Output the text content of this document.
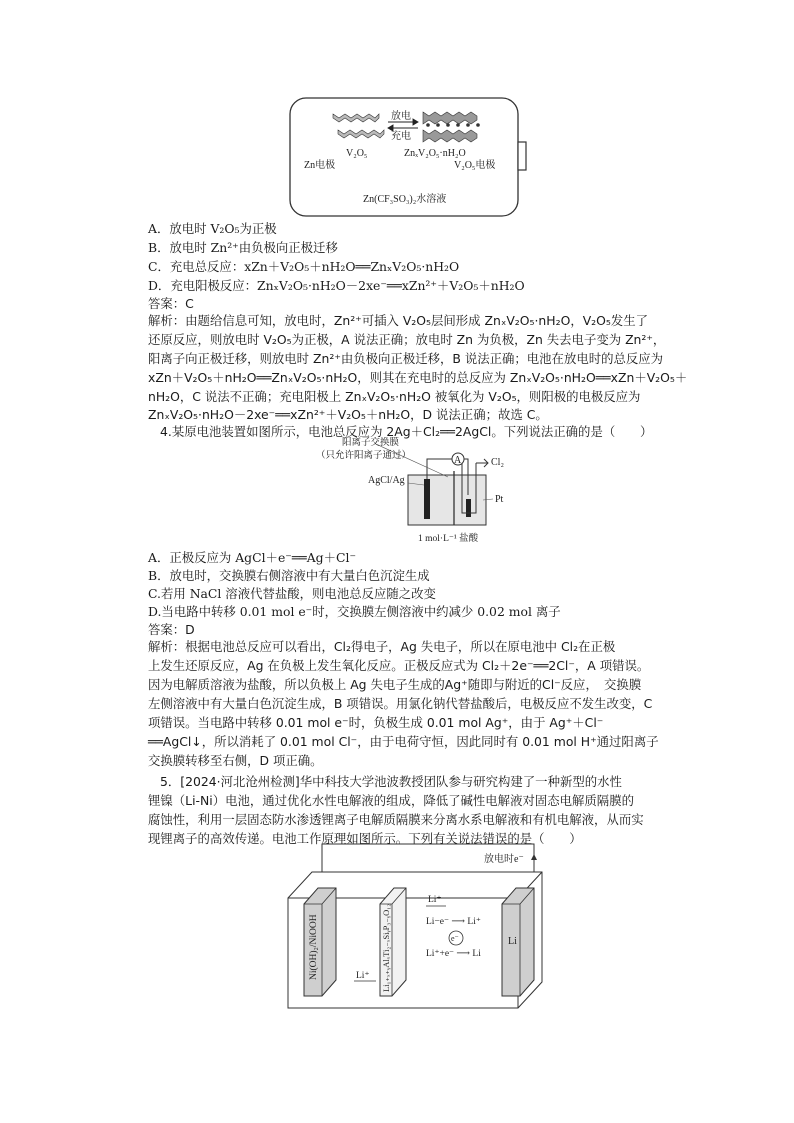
放电
充电
V₂O₅	ZnₓV₂O₅·nH₂O
Zn电极	V₂O₅电极
Zn(CF₃SO₃)₂水溶液
A．放电时 V₂O₅为正极
B．放电时 Zn²⁺由负极向正极迁移
C．充电总反应：xZn＋V₂O₅＋nH₂O══ZnₓV₂O₅·nH₂O
D．充电阳极反应：ZnₓV₂O₅·nH₂O－2xe⁻══xZn²⁺＋V₂O₅＋nH₂O
答案：C
解析：由题给信息可知，放电时，Zn²⁺可插入 V₂O₅层间形成 ZnₓV₂O₅·nH₂O，V₂O₅发生了
还原反应，则放电时 V₂O₅为正极，A 说法正确；放电时 Zn 为负极，Zn 失去电子变为 Zn²⁺，
阳离子向正极迁移，则放电时 Zn²⁺由负极向正极迁移，B 说法正确；电池在放电时的总反应为
xZn＋V₂O₅＋nH₂O══ZnₓV₂O₅·nH₂O，则其在充电时的总反应为 ZnₓV₂O₅·nH₂O══xZn＋V₂O₅＋
nH₂O，C 说法不正确；充电阳极上 ZnₓV₂O₅·nH₂O 被氧化为 V₂O₅，则阳极的电极反应为
ZnₓV₂O₅·nH₂O－2xe⁻══xZn²⁺＋V₂O₅＋nH₂O，D 说法正确；故选 C。
4.某原电池装置如图所示，电池总反应为 2Ag＋Cl₂══2AgCl。下列说法正确的是（　　）
A
阳离子交换膜
（只允许阳离子通过）
Cl₂
AgCl/Ag
Pt
1 mol·L⁻¹ 盐酸
A．正极反应为 AgCl＋e⁻══Ag＋Cl⁻
B．放电时，交换膜右侧溶液中有大量白色沉淀生成
C.若用 NaCl 溶液代替盐酸，则电池总反应随之改变
D.当电路中转移 0.01 mol e⁻时，交换膜左侧溶液中约减少 0.02 mol 离子
答案：D
解析：根据电池总反应可以看出，Cl₂得电子，Ag 失电子，所以在原电池中 Cl₂在正极
上发生还原反应，Ag 在负极上发生氧化反应。正极反应式为 Cl₂＋2e⁻══2Cl⁻，A 项错误。
因为电解质溶液为盐酸，所以负极上 Ag 失电子生成的Ag⁺随即与附近的Cl⁻反应，　交换膜
左侧溶液中有大量白色沉淀生成，B 项错误。用氯化钠代替盐酸后，电极反应不发生改变，C
项错误。当电路中转移 0.01 mol e⁻时，负极生成 0.01 mol Ag⁺，由于 Ag⁺＋Cl⁻
══AgCl↓，所以消耗了 0.01 mol Cl⁻，由于电荷守恒，因此同时有 0.01 mol H⁺通过阳离子
交换膜转移至右侧，D 项正确。
5．[2024·河北沧州检测]华中科技大学池波教授团队参与研究构建了一种新型的水性
锂镍（Li-Ni）电池，通过优化水性电解液的组成，降低了碱性电解液对固态电解质隔膜的
腐蚀性，利用一层固态防水渗透锂离子电解质隔膜来分离水系电解液和有机电解液，从而实
现锂离子的高效传递。电池工作原理如图所示。下列有关说法错误的是（　　）
放电时e⁻
Ni(OH)₂/NiOOH	Li₁₊ₓ₊ᵧAlₓTi₂₋ₓSiᵧP₃₋ᵧO₁₂	Li
Li⁺
Li−e⁻ ⟶ Li⁺
e⁻
Li⁺+e⁻ ⟶ Li
Li⁺
